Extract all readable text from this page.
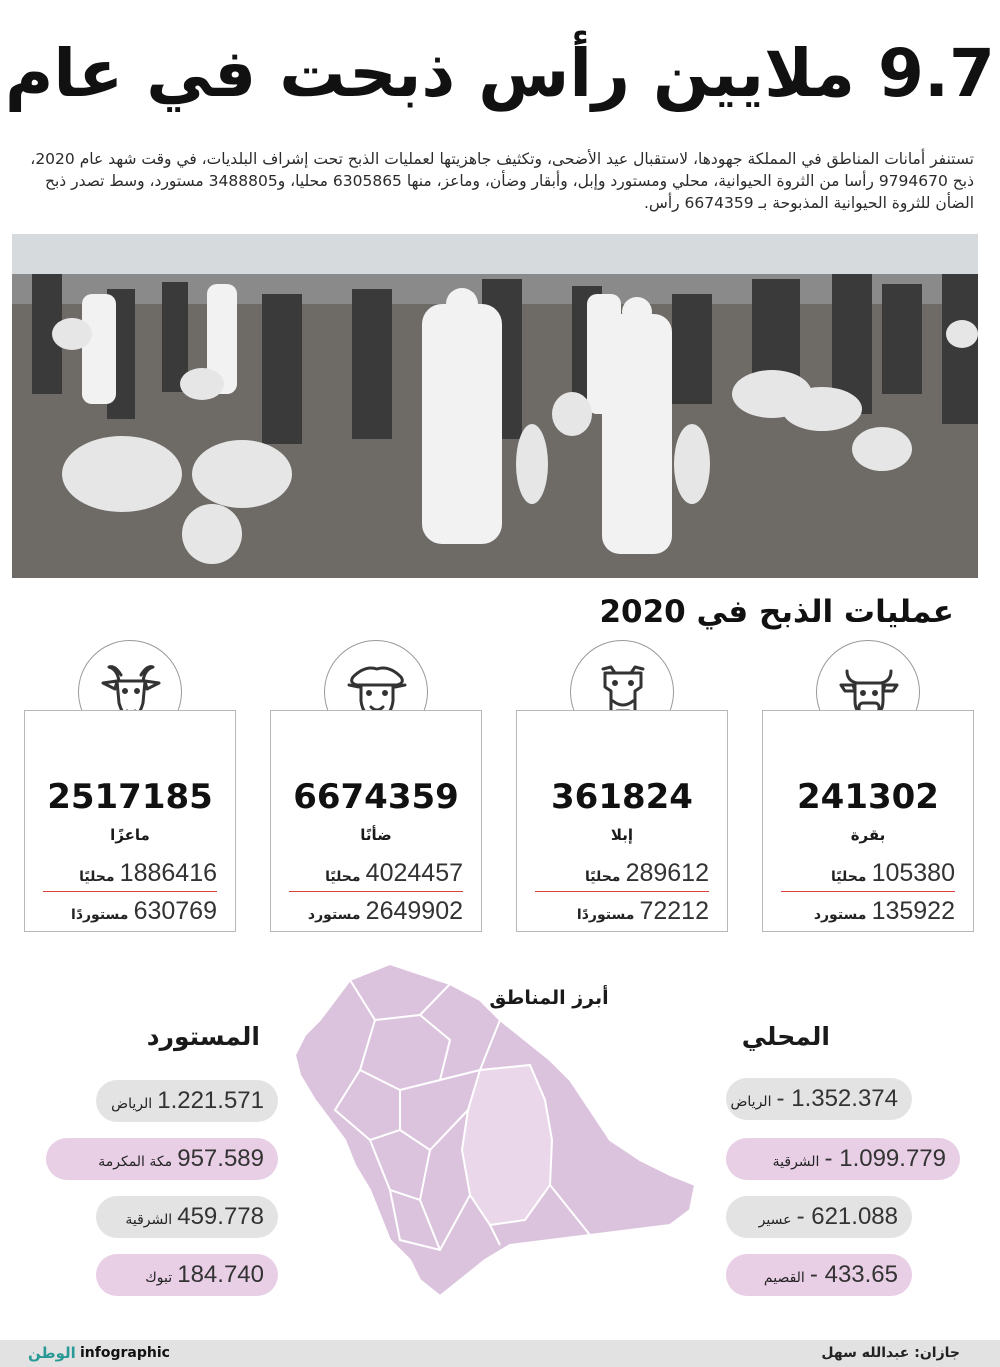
9.7 ملايين رأس ذبحت في عام
تستنفر أمانات المناطق في المملكة جهودها، لاستقبال عيد الأضحى، وتكثيف جاهزيتها لعمليات الذبح تحت إشراف البلديات، في وقت شهد عام 2020، ذبح 9794670 رأسا من الثروة الحيوانية، محلي ومستورد وإبل، وأبقار وضأن، وماعز، منها 6305865 محليا، و3488805 مستورد، وسط تصدر ذبح الضأن للثروة الحيوانية المذبوحة بـ 6674359 رأس.
عمليات الذبح في 2020
241302
بقرة
105380 محليًا
135922 مستورد
361824
إبلا
289612 محليًا
72212 مستوردًا
6674359
ضأنًا
4024457 محليًا
2649902 مستورد
2517185
ماعزًا
1886416 محليًا
630769 مستوردًا
أبرز المناطق
المحلي
المستورد
1.352.374 - الرياض
1.099.779 - الشرقية
621.088 - عسير
433.65 - القصيم
1.221.571 الرياض
957.589 مكة المكرمة
459.778 الشرقية
184.740 تبوك
الوطن infographic	جازان: عبدالله سهل
